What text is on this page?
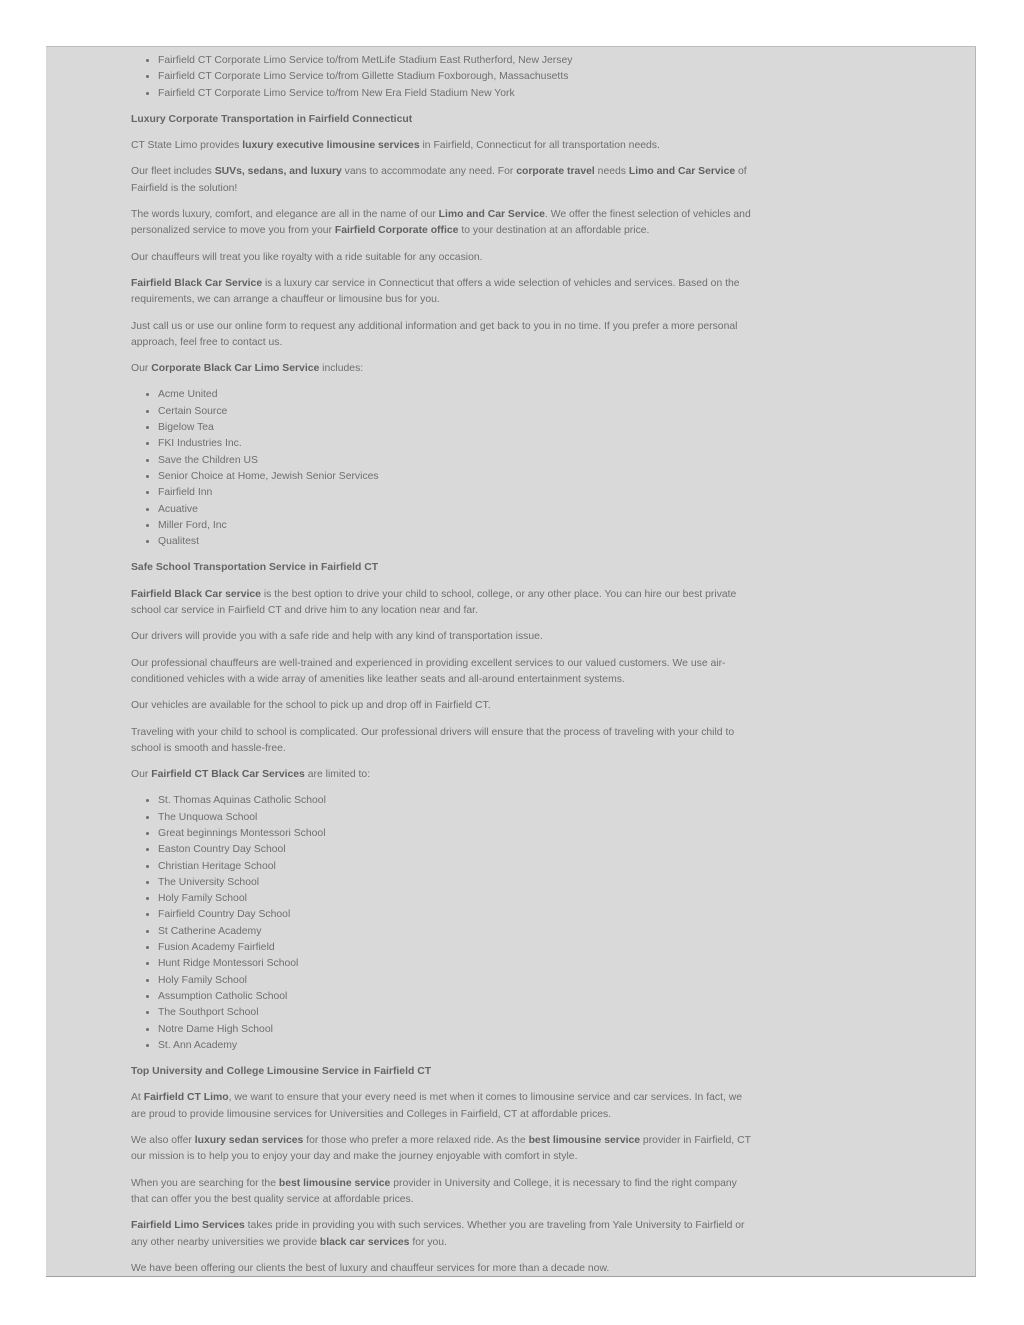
• Fairfield CT Corporate Limo Service to/from MetLife Stadium East Rutherford, New Jersey
• Fairfield CT Corporate Limo Service to/from Gillette Stadium Foxborough, Massachusetts
• Fairfield CT Corporate Limo Service to/from New Era Field Stadium New York
Luxury Corporate Transportation in Fairfield Connecticut

CT State Limo provides luxury executive limousine services in Fairfield, Connecticut for all transportation needs.

Our fleet includes SUVs, sedans, and luxury vans to accommodate any need. For corporate travel needs Limo and Car Service of Fairfield is the solution!

The words luxury, comfort, and elegance are all in the name of our Limo and Car Service. We offer the finest selection of vehicles and personalized service to move you from your Fairfield Corporate office to your destination at an affordable price.

Our chauffeurs will treat you like royalty with a ride suitable for any occasion.

Fairfield Black Car Service is a luxury car service in Connecticut that offers a wide selection of vehicles and services. Based on the requirements, we can arrange a chauffeur or limousine bus for you.

Just call us or use our online form to request any additional information and get back to you in no time. If you prefer a more personal approach, feel free to contact us.

Our Corporate Black Car Limo Service includes:

• Acme United
• Certain Source
• Bigelow Tea
• FKI Industries Inc.
• Save the Children US
• Senior Choice at Home, Jewish Senior Services
• Fairfield Inn
• Acuative
• Miller Ford, Inc
• Qualitest
Safe School Transportation Service in Fairfield CT

Fairfield Black Car service is the best option to drive your child to school, college, or any other place. You can hire our best private school car service in Fairfield CT and drive him to any location near and far.

Our drivers will provide you with a safe ride and help with any kind of transportation issue.

Our professional chauffeurs are well-trained and experienced in providing excellent services to our valued customers. We use air-conditioned vehicles with a wide array of amenities like leather seats and all-around entertainment systems.

Our vehicles are available for the school to pick up and drop off in Fairfield CT.

Traveling with your child to school is complicated. Our professional drivers will ensure that the process of traveling with your child to school is smooth and hassle-free.

Our Fairfield CT Black Car Services are limited to:

• St. Thomas Aquinas Catholic School
• The Unquowa School
• Great beginnings Montessori School
• Easton Country Day School
• Christian Heritage School
• The University School
• Holy Family School
• Fairfield Country Day School
• St Catherine Academy
• Fusion Academy Fairfield
• Hunt Ridge Montessori School
• Holy Family School
• Assumption Catholic School
• The Southport School
• Notre Dame High School
• St. Ann Academy
Top University and College Limousine Service in Fairfield CT

At Fairfield CT Limo, we want to ensure that your every need is met when it comes to limousine service and car services. In fact, we are proud to provide limousine services for Universities and Colleges in Fairfield, CT at affordable prices.

We also offer luxury sedan services for those who prefer a more relaxed ride. As the best limousine service provider in Fairfield, CT our mission is to help you to enjoy your day and make the journey enjoyable with comfort in style.

When you are searching for the best limousine service provider in University and College, it is necessary to find the right company that can offer you the best quality service at affordable prices.

Fairfield Limo Services takes pride in providing you with such services. Whether you are traveling from Yale University to Fairfield or any other nearby universities we provide black car services for you.

We have been offering our clients the best of luxury and chauffeur services for more than a decade now.
